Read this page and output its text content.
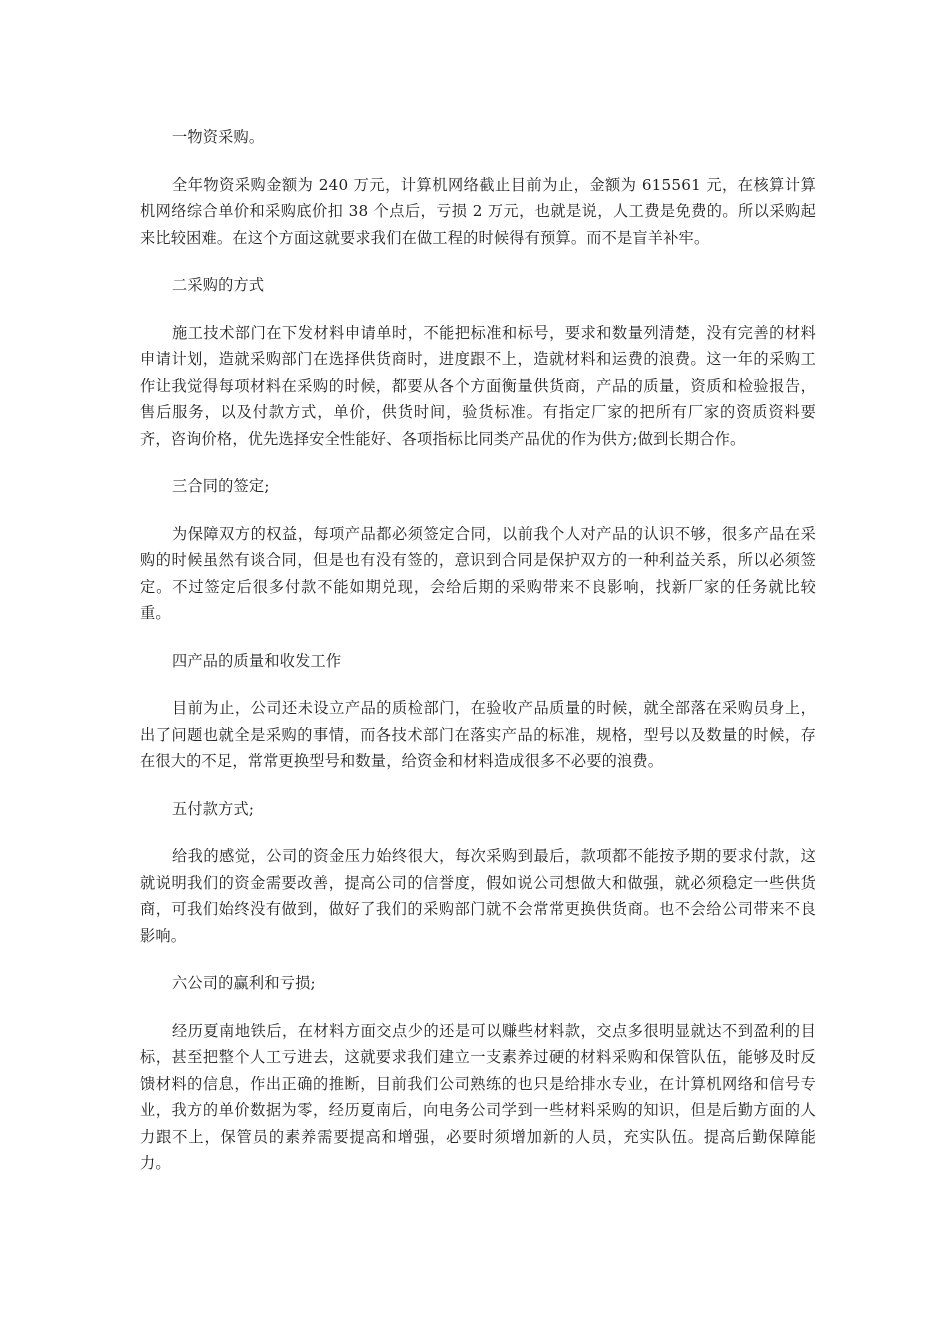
一物资采购。

全年物资采购金额为 240 万元，计算机网络截止目前为止，金额为 615561 元，在核算计算机网络综合单价和采购底价扣 38 个点后，亏损 2 万元，也就是说，人工费是免费的。所以采购起来比较困难。在这个方面这就要求我们在做工程的时候得有预算。而不是盲羊补牢。

二采购的方式

施工技术部门在下发材料申请单时，不能把标准和标号，要求和数量列清楚，没有完善的材料申请计划，造就采购部门在选择供货商时，进度跟不上，造就材料和运费的浪费。这一年的采购工作让我觉得每项材料在采购的时候，都要从各个方面衡量供货商，产品的质量，资质和检验报告，售后服务，以及付款方式，单价，供货时间，验货标准。有指定厂家的把所有厂家的资质资料要齐，咨询价格，优先选择安全性能好、各项指标比同类产品优的作为供方;做到长期合作。

三合同的签定;

为保障双方的权益，每项产品都必须签定合同，以前我个人对产品的认识不够，很多产品在采购的时候虽然有谈合同，但是也有没有签的，意识到合同是保护双方的一种利益关系，所以必须签定。不过签定后很多付款不能如期兑现，会给后期的采购带来不良影响，找新厂家的任务就比较重。

四产品的质量和收发工作

目前为止，公司还未设立产品的质检部门，在验收产品质量的时候，就全部落在采购员身上，出了问题也就全是采购的事情，而各技术部门在落实产品的标准，规格，型号以及数量的时候，存在很大的不足，常常更换型号和数量，给资金和材料造成很多不必要的浪费。

五付款方式;

给我的感觉，公司的资金压力始终很大，每次采购到最后，款项都不能按予期的要求付款，这就说明我们的资金需要改善，提高公司的信誉度，假如说公司想做大和做强，就必须稳定一些供货商，可我们始终没有做到，做好了我们的采购部门就不会常常更换供货商。也不会给公司带来不良影响。

六公司的赢利和亏损;

经历夏南地铁后，在材料方面交点少的还是可以赚些材料款，交点多很明显就达不到盈利的目标，甚至把整个人工亏进去，这就要求我们建立一支素养过硬的材料采购和保管队伍，能够及时反馈材料的信息，作出正确的推断，目前我们公司熟练的也只是给排水专业，在计算机网络和信号专业，我方的单价数据为零，经历夏南后，向电务公司学到一些材料采购的知识，但是后勤方面的人力跟不上，保管员的素养需要提高和增强，必要时须增加新的人员，充实队伍。提高后勤保障能力。
